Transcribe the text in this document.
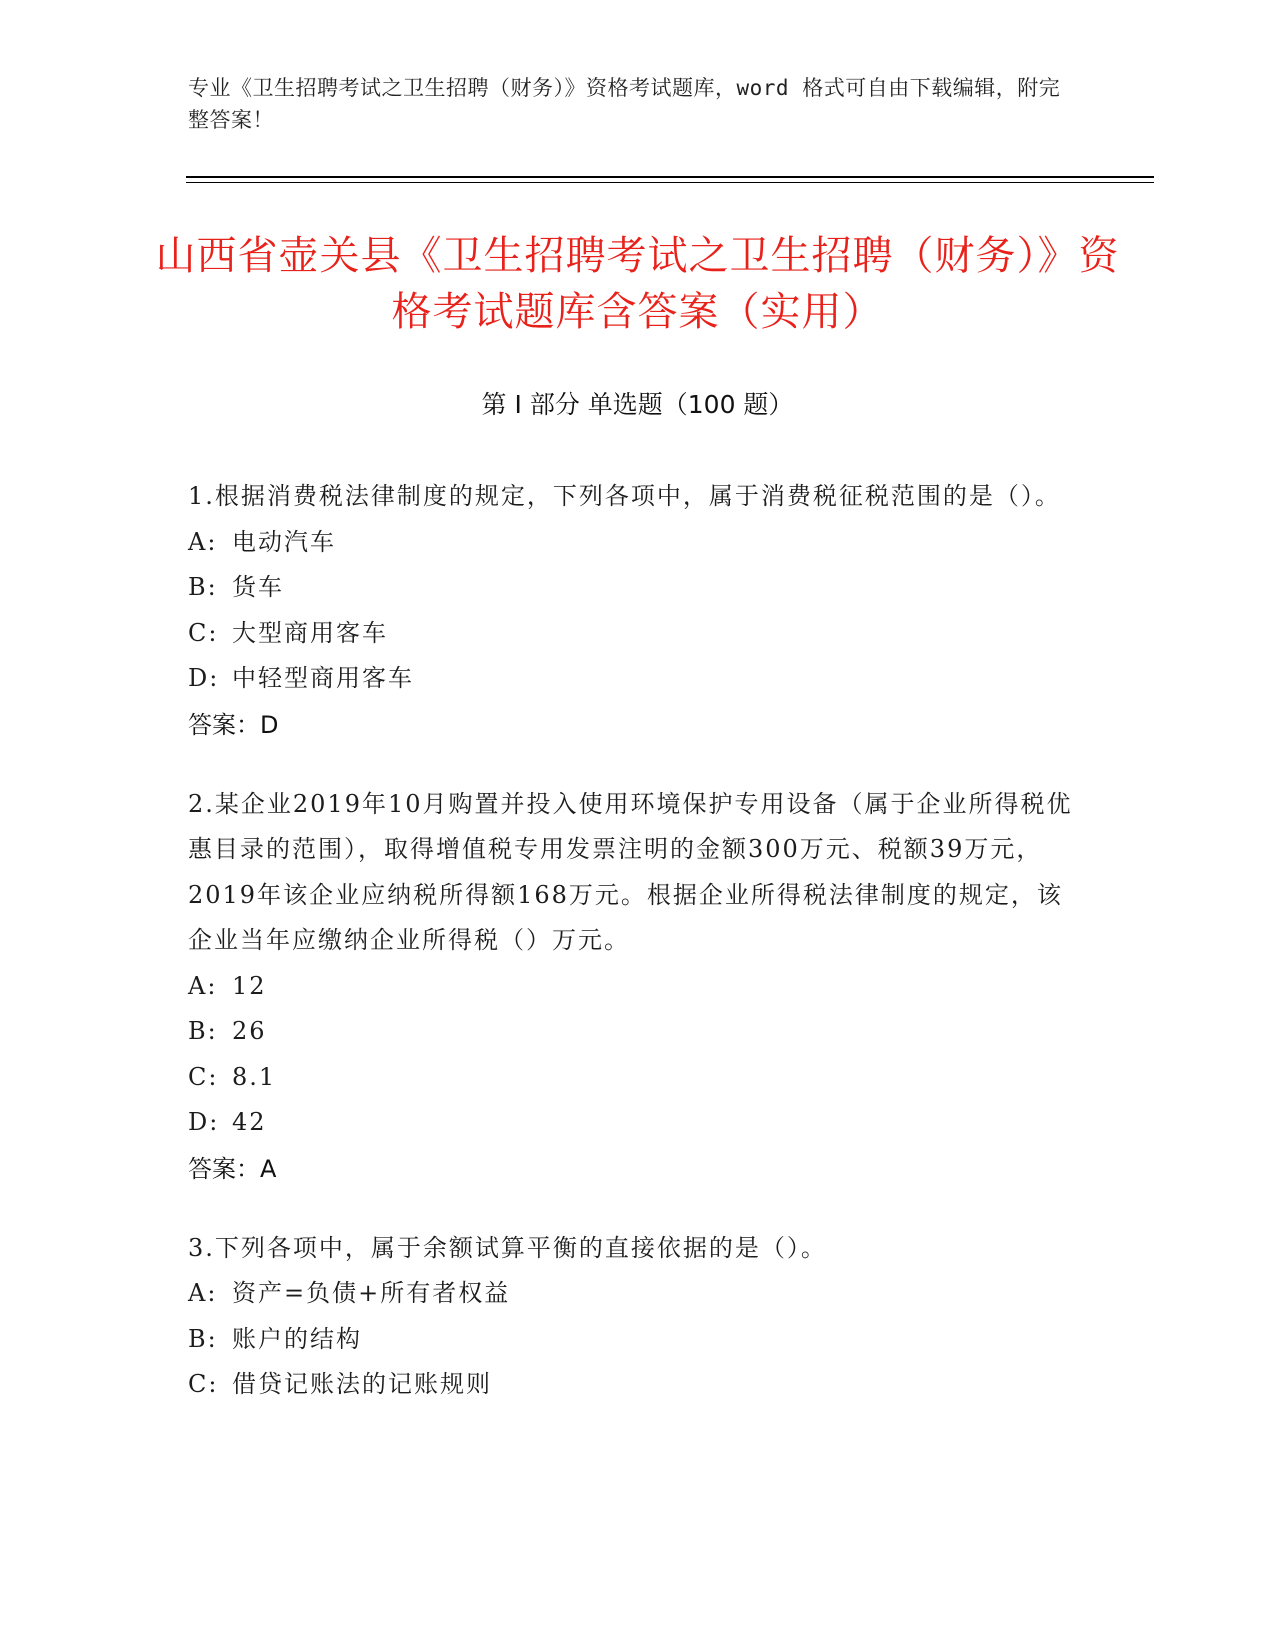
专业《卫生招聘考试之卫生招聘（财务）》资格考试题库，word 格式可自由下载编辑，附完整答案！
山西省壶关县《卫生招聘考试之卫生招聘（财务）》资格考试题库含答案（实用）
第 I 部分 单选题（100 题）
1.根据消费税法律制度的规定，下列各项中，属于消费税征税范围的是（）。
A: 电动汽车
B: 货车
C: 大型商用客车
D: 中轻型商用客车
答案：D
2.某企业2019年10月购置并投入使用环境保护专用设备（属于企业所得税优惠目录的范围），取得增值税专用发票注明的金额300万元、税额39万元，2019年该企业应纳税所得额168万元。根据企业所得税法律制度的规定，该企业当年应缴纳企业所得税（）万元。
A: 12
B: 26
C: 8.1
D: 42
答案：A
3.下列各项中，属于余额试算平衡的直接依据的是（）。
A: 资产=负债+所有者权益
B: 账户的结构
C: 借贷记账法的记账规则
